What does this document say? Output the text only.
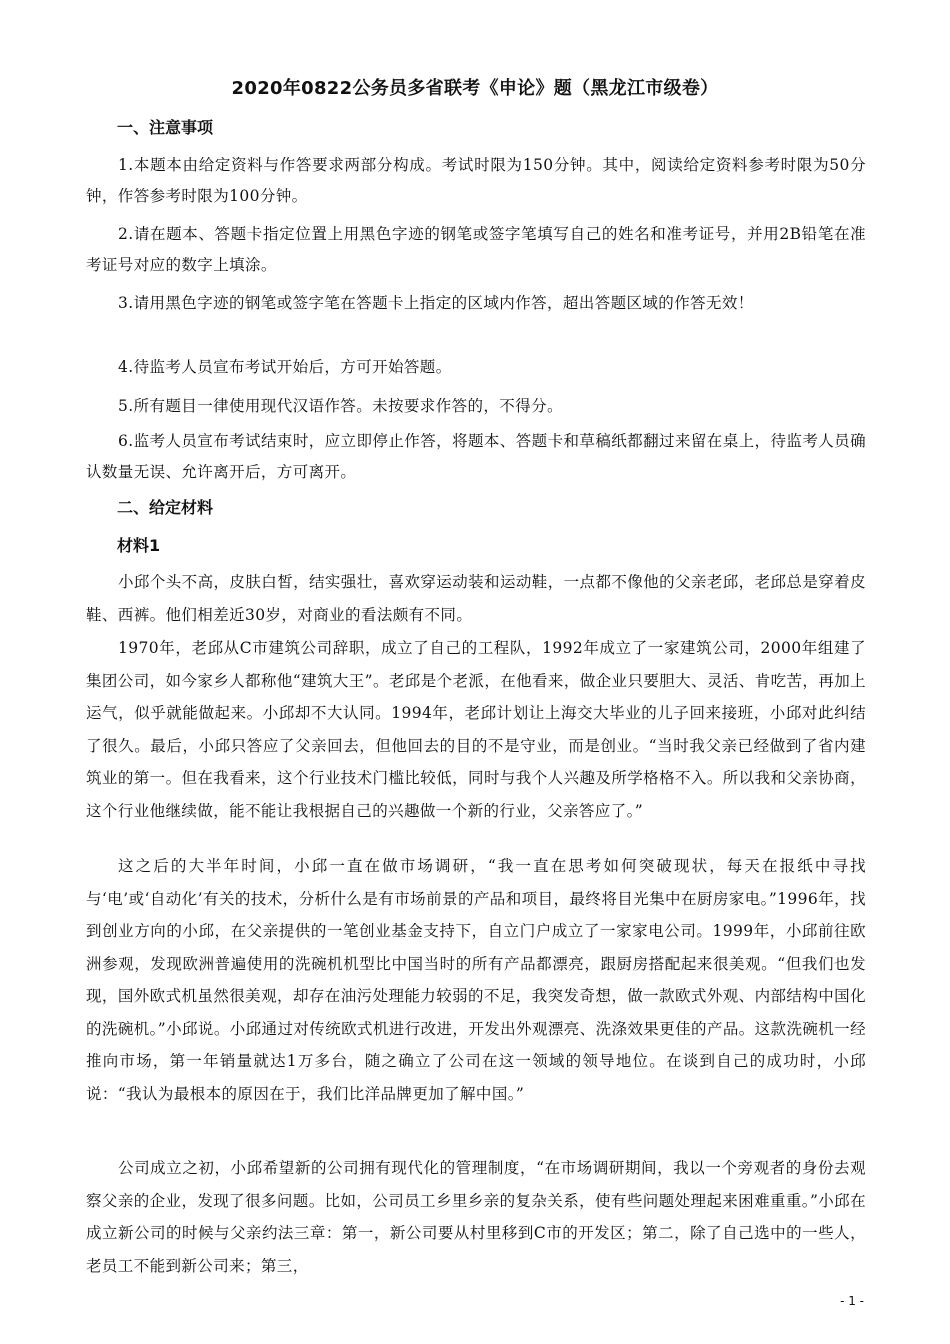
2020年0822公务员多省联考《申论》题（黑龙江市级卷）
一、注意事项

1.本题本由给定资料与作答要求两部分构成。考试时限为150分钟。其中，阅读给定资料参考时限为50分钟，作答参考时限为100分钟。

2.请在题本、答题卡指定位置上用黑色字迹的钢笔或签字笔填写自己的姓名和准考证号，并用2B铅笔在准考证号对应的数字上填涂。

3.请用黑色字迹的钢笔或签字笔在答题卡上指定的区域内作答，超出答题区域的作答无效！

4.待监考人员宣布考试开始后，方可开始答题。

5.所有题目一律使用现代汉语作答。未按要求作答的，不得分。

6.监考人员宣布考试结束时，应立即停止作答，将题本、答题卡和草稿纸都翻过来留在桌上，待监考人员确认数量无误、允许离开后，方可离开。

二、给定材料
材料1

小邱个头不高，皮肤白皙，结实强壮，喜欢穿运动装和运动鞋，一点都不像他的父亲老邱，老邱总是穿着皮鞋、西裤。他们相差近30岁，对商业的看法颇有不同。

1970年，老邱从C市建筑公司辞职，成立了自己的工程队，1992年成立了一家建筑公司，2000年组建了集团公司，如今家乡人都称他“建筑大王”。老邱是个老派，在他看来，做企业只要胆大、灵活、肯吃苦，再加上运气，似乎就能做起来。小邱却不大认同。1994年，老邱计划让上海交大毕业的儿子回来接班，小邱对此纠结了很久。最后，小邱只答应了父亲回去，但他回去的目的不是守业，而是创业。“当时我父亲已经做到了省内建筑业的第一。但在我看来，这个行业技术门槛比较低，同时与我个人兴趣及所学格格不入。所以我和父亲协商，这个行业他继续做，能不能让我根据自己的兴趣做一个新的行业，父亲答应了。”

这之后的大半年时间，小邱一直在做市场调研，“我一直在思考如何突破现状，每天在报纸中寻找与‘电’或‘自动化’有关的技术，分析什么是有市场前景的产品和项目，最终将目光集中在厨房家电。”1996年，找到创业方向的小邱，在父亲提供的一笔创业基金支持下，自立门户成立了一家家电公司。1999年，小邱前往欧洲参观，发现欧洲普遍使用的洗碗机机型比中国当时的所有产品都漂亮，跟厨房搭配起来很美观。“但我们也发现，国外欧式机虽然很美观，却存在油污处理能力较弱的不足，我突发奇想，做一款欧式外观、内部结构中国化的洗碗机。”小邱说。小邱通过对传统欧式机进行改进，开发出外观漂亮、洗涤效果更佳的产品。这款洗碗机一经推向市场，第一年销量就达1万多台，随之确立了公司在这一领域的领导地位。在谈到自己的成功时，小邱说：“我认为最根本的原因在于，我们比洋品牌更加了解中国。”

公司成立之初，小邱希望新的公司拥有现代化的管理制度，“在市场调研期间，我以一个旁观者的身份去观察父亲的企业，发现了很多问题。比如，公司员工乡里乡亲的复杂关系，使有些问题处理起来困难重重。”小邱在成立新公司的时候与父亲约法三章：第一，新公司要从村里移到C市的开发区；第二，除了自己选中的一些人，老员工不能到新公司来；第三，

- 1 -
